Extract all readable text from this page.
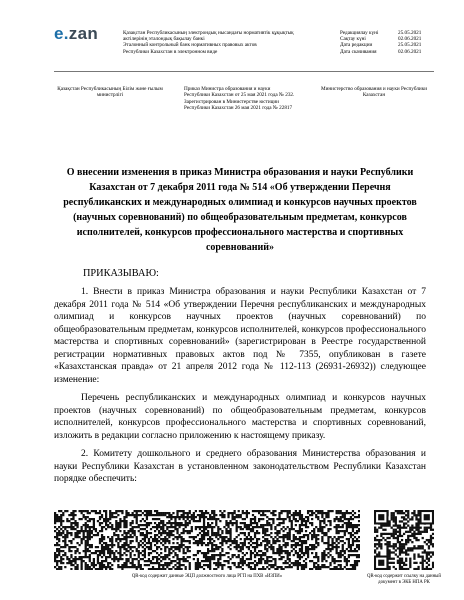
e.zan	Қазақстан Республикасының электрондық нысандағы нормативтік құқықтық
актілерінің эталондық бақылау банкі
Эталонный контрольный банк нормативных правовых актов
Республики Казахстан в электронном виде
Редакциялау күні	25.05.2021
Сақтау күні	02.06.2021
Дата редакции	25.05.2021
Дата скачивания	02.06.2021
Қазақстан Республикасының Білім және ғылым министрлігі
Приказ Министра образования и науки Республики Казахстан от 25 мая 2021 года № 232. Зарегистрирован в Министерстве юстиции Республики Казахстан 26 мая 2021 года № 22817
Министерство образования и науки Республики Казахстан
О внесении изменения в приказ Министра образования и науки Республики Казахстан от 7 декабря 2011 года № 514 «Об утверждении Перечня республиканских и международных олимпиад и конкурсов научных проектов (научных соревнований) по общеобразовательным предметам, конкурсов исполнителей, конкурсов профессионального мастерства и спортивных соревнований»
ПРИКАЗЫВАЮ:

1. Внести в приказ Министра образования и науки Республики Казахстан от 7 декабря 2011 года № 514 «Об утверждении Перечня республиканских и международных олимпиад и конкурсов научных проектов (научных соревнований) по общеобразовательным предметам, конкурсов исполнителей, конкурсов профессионального мастерства и спортивных соревнований» (зарегистрирован в Реестре государственной регистрации нормативных правовых актов под № 7355, опубликован в газете «Казахстанская правда» от 21 апреля 2012 года № 112-113 (26931-26932)) следующее изменение:

Перечень республиканских и международных олимпиад и конкурсов научных проектов (научных соревнований) по общеобразовательным предметам, конкурсов исполнителей, конкурсов профессионального мастерства и спортивных соревнований, изложить в редакции согласно приложению к настоящему приказу.

2. Комитету дошкольного и среднего образования Министерства образования и науки Республики Казахстан в установленном законодательством Республики Казахстан порядке обеспечить:

QR-код содержит данные ЭЦП должностного лица РГП на ПХВ «ИЗПИ»	QR-код содержит ссылку на данный документ в ЭКБ НПА РК
